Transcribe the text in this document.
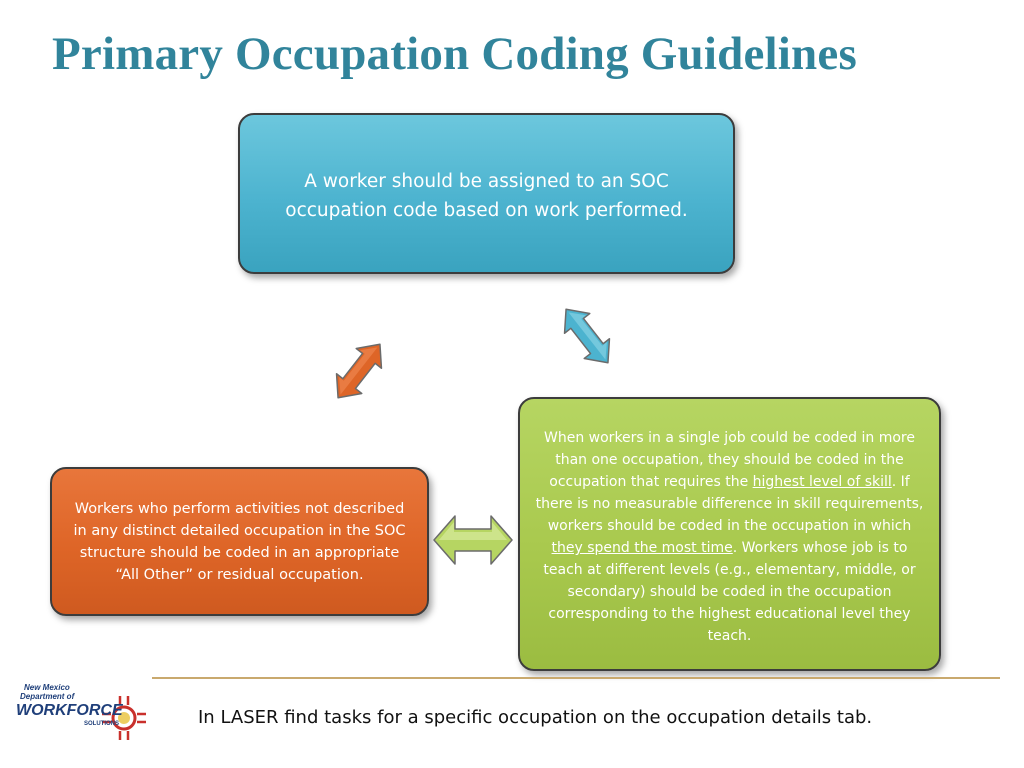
Primary Occupation Coding Guidelines

A worker should be assigned to an SOC occupation code based on work performed.

Workers who perform activities not described in any distinct detailed occupation in the SOC structure should be coded in an appropriate “All Other” or residual occupation.

When workers in a single job could be coded in more than one occupation, they should be coded in the occupation that requires the highest level of skill. If there is no measurable difference in skill requirements, workers should be coded in the occupation in which they spend the most time. Workers whose job is to teach at different levels (e.g., elementary, middle, or secondary) should be coded in the occupation corresponding to the highest educational level they teach.

New Mexico
Department of
WORKFORCE
SOLUTIONS	In LASER find tasks for a specific occupation on the occupation details tab.
